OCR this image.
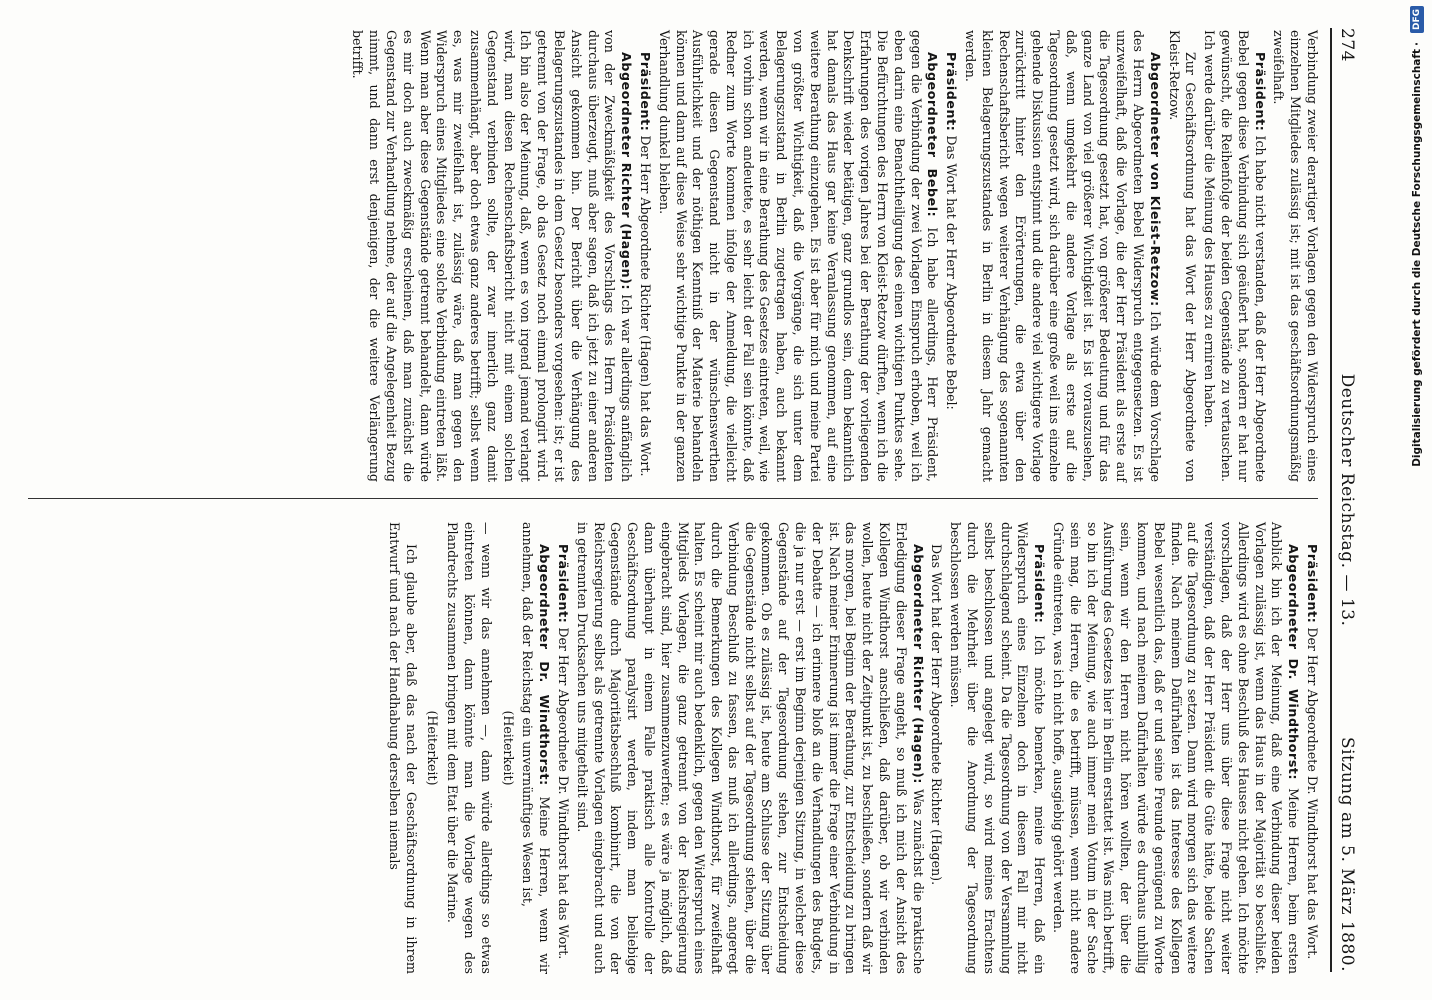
274
Deutscher Reichstag. — 13.
Sitzung am 5. März 1880.

Verbindung zweier derartiger Vorlagen gegen den Widerspruch eines einzelnen Mitgliedes zulässig ist; mit ist das geschäftsordnungsmäßig zweifelhaft.

Präsident: Ich habe nicht verstanden, daß der Herr Abgeordnete Bebel gegen diese Verbindung sich geäußert hat, sondern er hat nur gewünscht, die Reihenfolge der beiden Gegenstände zu vertauschen. Ich werde darüber die Meinung des Hauses zu erniren haben.

Zur Geschäftsordnung hat das Wort der Herr Abgeordnete von Kleist-Retzow.

Abgeordneter von Kleist-Retzow: Ich würde dem Vorschlage des Herrn Abgeordneten Bebel Widerspruch entgegensetzen. Es ist unzweifelhaft, daß die Vorlage, die der Herr Präsident als erste auf die Tagesordnung gesetzt hat, von größerer Bedeutung und für das ganze Land von viel größerer Wichtigkeit ist. Es ist vorauszusehen, daß, wenn umgekehrt die andere Vorlage als erste auf die Tagesordnung gesetzt wird, sich darüber eine große weil ins einzelne gehende Diskussion entspinnt und die andere viel wichtigere Vorlage zurücktritt hinter den Erörterungen, die etwa über den Rechenschaftsbericht wegen weiterer Verhängung des sogenannten kleinen Belagerungszustandes in Berlin in diesem Jahr gemacht werden.

Präsident: Das Wort hat der Herr Abgeordnete Bebel:

Abgeordneter Bebel: Ich habe allerdings, Herr Präsident, gegen die Verbindung der zwei Vorlagen Einspruch erhoben, weil ich eben darin eine Benachtheiligung des einen wichtigen Punktes sehe. Die Befürchtungen des Herrn von Kleist-Retzow dürften, wenn ich die Erfahrungen des vorigen Jahres bei der Berathung der vorliegenden Denkschrift wieder betätigen, ganz grundlos sein, denn bekanntlich hat damals das Haus gar keine Veranlassung genommen, auf eine weitere Berathung einzugehen. Es ist aber für mich und meine Partei von größter Wichtigkeit, daß die Vorgänge, die sich unter dem Belagerungszustand in Berlin zugetragen haben, auch bekannt werden, wenn wir in eine Berathung des Gesetzes eintreten, weil, wie ich vorhin schon andeutete, es sehr leicht der Fall sein könnte, daß Redner zum Worte kommen infolge der Anmeldung, die vielleicht gerade diesen Gegenstand nicht in der wünschenswerthen Ausführlichkeit und der nöthigen Kenntniß der Materie behandeln können und dann auf diese Weise sehr wichtige Punkte in der ganzen Verhandlung dunkel bleiben.

Präsident: Der Herr Abgeordnete Richter (Hagen) hat das Wort.

Abgeordneter Richter (Hagen): Ich war allerdings anfänglich von der Zweckmäßigkeit des Vorschlags des Herrn Präsidenten durchaus überzeugt, muß aber sagen, daß ich jetzt zu einer anderen Ansicht gekommen bin. Der Bericht über die Verhängung des Belagerungszustandes in dem Gesetz besonders vorgesehen: ist; er ist getrennt von der Frage, ob das Gesetz noch einmal prolongirt wird. Ich bin also der Meinung, daß, wenn es von irgend jemand verlangt wird, man diesen Rechenschaftsbericht nicht mit einem solchen Gegenstand verbinden sollte, der zwar innerlich ganz damit zusammenhängt, aber doch etwas ganz anderes betrifft; selbst wenn es, was mir zweifelhaft ist, zulässig wäre, daß man gegen den Widerspruch eines Mitgliedes eine solche Verbindung eintreten läßt. Wenn man aber diese Gegenstände getrennt behandelt, dann würde es mir doch auch zweckmäßig erscheinen, daß man zunächst die Gegenstand zur Verhandlung nehme, der auf die Angelegenheit Bezug nimmt, und dann erst denjenigen, der die weitere Verlängerung betrifft.

Präsident: Der Herr Abgeordnete Dr. Windthorst hat das Wort.

Abgeordneter Dr. Windthorst: Meine Herren, beim ersten Anblick bin ich der Meinung, daß eine Verbindung dieser beiden Vorlagen zulässig ist, wenn das Haus in der Majorität so beschließt. Allerdings wird es ohne Beschluß des Hauses nicht gehen. Ich möchte vorschlagen, daß der Herr uns über diese Frage nicht weiter verständigen, daß der Herr Präsident die Güte hätte, beide Sachen auf die Tagesordnung zu setzen. Dann wird morgen sich das weitere finden. Nach meinem Dafürhalten ist das Interesse des Kollegen Bebel wesentlich das, daß er und seine Freunde genügend zu Worte kommen, und nach meinem Dafürhalten würde es durchaus unbillig sein, wenn wir den Herren nicht hören wollten, der über die Ausführung des Gesetzes hier in Berlin erstattet ist. Was mich betrifft, so bin ich der Meinung, wie auch immer mein Votum in der Sache sein mag, die Herren, die es betrifft, müssen, wenn nicht andere Gründe eintreten, was ich nicht hoffe, ausgiebig gehört werden.

Präsident: Ich möchte bemerken, meine Herren, daß ein Widerspruch eines Einzelnen doch in diesem Fall mir nicht durchschlagend scheint. Da die Tagesordnung von der Versammlung selbst beschlossen und angelegt wird, so wird meines Erachtens durch die Mehrheit über die Anordnung der Tagesordnung beschlossen werden müssen.

Das Wort hat der Herr Abgeordnete Richter (Hagen).

Abgeordneter Richter (Hagen): Was zunächst die praktische Erledigung dieser Frage angeht, so muß ich mich der Ansicht des Kollegen Windthorst anschließen, daß darüber, ob wir verbinden wollen, heute nicht der Zeitpunkt ist, zu beschließen, sondern daß wir das morgen, bei Beginn der Berathung, zur Entscheidung zu bringen ist. Nach meiner Erinnerung ist immer die Frage einer Verbindung in der Debatte — ich erinnere bloß an die Verhandlungen des Budgets, die ja nur erst — erst im Beginn derjenigen Sitzung, in welcher diese Gegenstände auf der Tagesordnung stehen, zur Entscheidung gekommen. Ob es zulässig ist, heute am Schlusse der Sitzung über die Gegenstände nicht selbst auf der Tagesordnung stehen, über die Verbindung Beschluß zu fassen, das muß ich allerdings, angeregt durch die Bemerkungen des Kollegen Windthorst, für zweifelhaft halten. Es scheint mir auch bedenklich, gegen den Widerspruch eines Mitglieds Vorlagen, die ganz getrennt von der Reichsregierung eingebracht sind, hier zusammenzuwerfen; es wäre ja möglich, daß dann überhaupt in einem Falle praktisch alle Kontrolle der Geschäftsordnung paralysirt werden, indem man beliebige Gegenstände durch Majoritätsbeschluß kombinirt, die von der Reichsregierung selbst als getrennte Vorlagen eingebracht und auch in getrennten Drucksachen uns mitgetheilt sind.

Präsident: Der Herr Abgeordnete Dr. Windthorst hat das Wort.

Abgeordneter Dr. Windthorst: Meine Herren, wenn wir annehmen, daß der Reichstag ein unvernünftiges Wesen ist,

(Heiterkeit)

— wenn wir das annehmen —, dann würde allerdings so etwas eintreten können, dann könnte man die Vorlage wegen des Plandrechts zusammen bringen mit dem Etat über die Marine.

(Heiterkeit)

Ich glaube aber, daß das nach der Geschäftsordnung in ihrem Entwurf und nach der Handhabung derselben niemals

Digitalisierung gefördert durch die Deutsche Forschungsgemeinschaft·DFG
